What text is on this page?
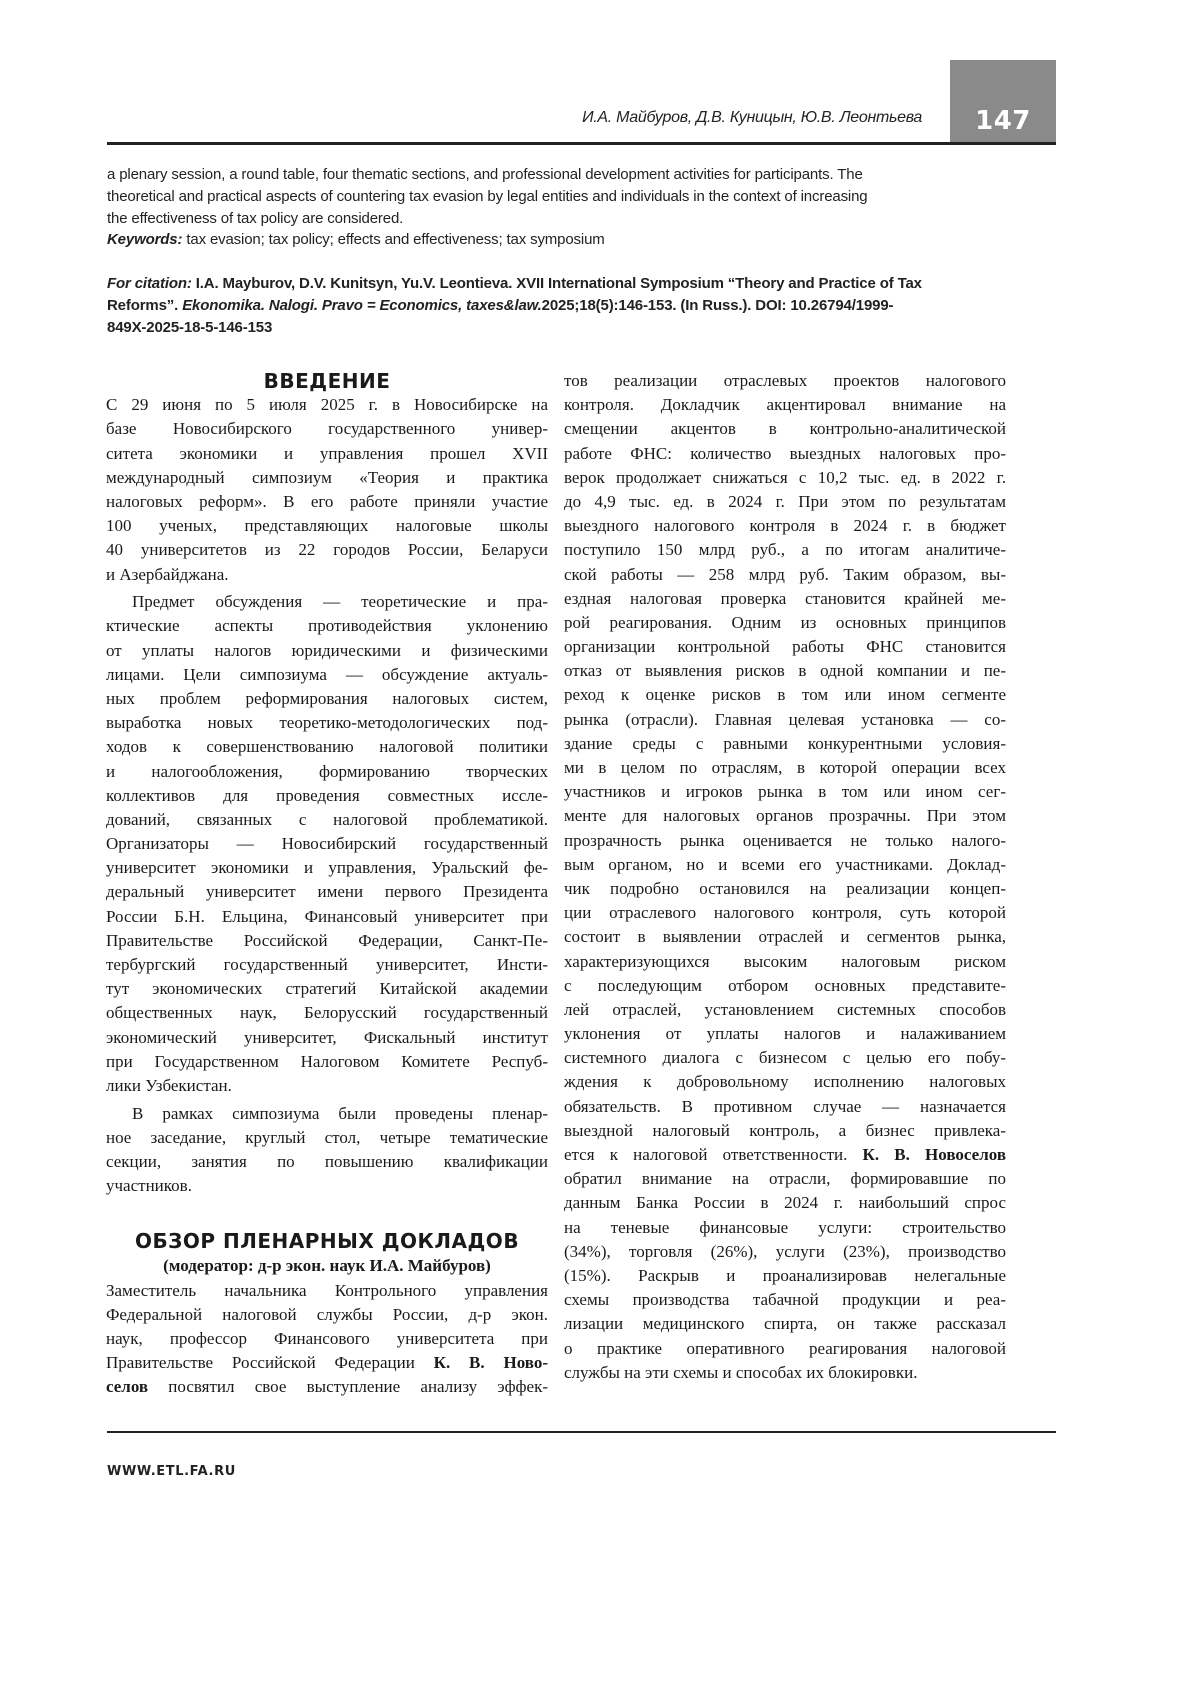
147
И.А. Майбуров, Д.В. Куницын, Ю.В. Леонтьева
a plenary session, a round table, four thematic sections, and professional development activities for participants. The
theoretical and practical aspects of countering tax evasion by legal entities and individuals in the context of increasing
the effectiveness of tax policy are considered.
Keywords: tax evasion; tax policy; effects and effectiveness; tax symposium
For citation: I.A. Mayburov, D.V. Kunitsyn, Yu.V. Leontieva. XVII International Symposium “Theory and Practice of Tax
Reforms”. Ekonomika. Nalogi. Pravo = Economics, taxes&law.2025;18(5):146-153. (In Russ.). DOI: 10.26794/1999-
849X-2025-18-5-146-153
ВВЕДЕНИЕ
С 29 июня по 5 июля 2025 г. в Новосибирске на
базе Новосибирского государственного универ-
ситета экономики и управления прошел XVII
международный симпозиум «Теория и практика
налоговых реформ». В его работе приняли участие
100 ученых, представляющих налоговые школы
40 университетов из 22 городов России, Беларуси
и Азербайджана.
Предмет обсуждения — теоретические и пра-
ктические аспекты противодействия уклонению
от уплаты налогов юридическими и физическими
лицами. Цели симпозиума — обсуждение актуаль-
ных проблем реформирования налоговых систем,
выработка новых теоретико-методологических под-
ходов к совершенствованию налоговой политики
и налогообложения, формированию творческих
коллективов для проведения совместных иссле-
дований, связанных с налоговой проблематикой.
Организаторы — Новосибирский государственный
университет экономики и управления, Уральский фе-
деральный университет имени первого Президента
России Б.Н. Ельцина, Финансовый университет при
Правительстве Российской Федерации, Санкт-Пе-
тербургский государственный университет, Инсти-
тут экономических стратегий Китайской академии
общественных наук, Белорусский государственный
экономический университет, Фискальный институт
при Государственном Налоговом Комитете Респуб-
лики Узбекистан.
В рамках симпозиума были проведены пленар-
ное заседание, круглый стол, четыре тематические
секции, занятия по повышению квалификации
участников.
ОБЗОР ПЛЕНАРНЫХ ДОКЛАДОВ
(модератор: д-р экон. наук И.А. Майбуров)
Заместитель начальника Контрольного управления
Федеральной налоговой службы России, д-р экон.
наук, профессор Финансового университета при
Правительстве Российской Федерации К. В. Ново-
селов посвятил свое выступление анализу эффек-
тов реализации отраслевых проектов налогового
контроля. Докладчик акцентировал внимание на
смещении акцентов в контрольно-аналитической
работе ФНС: количество выездных налоговых про-
верок продолжает снижаться с 10,2 тыс. ед. в 2022 г.
до 4,9 тыс. ед. в 2024 г. При этом по результатам
выездного налогового контроля в 2024 г. в бюджет
поступило 150 млрд руб., а по итогам аналитиче-
ской работы — 258 млрд руб. Таким образом, вы-
ездная налоговая проверка становится крайней ме-
рой реагирования. Одним из основных принципов
организации контрольной работы ФНС становится
отказ от выявления рисков в одной компании и пе-
реход к оценке рисков в том или ином сегменте
рынка (отрасли). Главная целевая установка — со-
здание среды с равными конкурентными условия-
ми в целом по отраслям, в которой операции всех
участников и игроков рынка в том или ином сег-
менте для налоговых органов прозрачны. При этом
прозрачность рынка оценивается не только налого-
вым органом, но и всеми его участниками. Доклад-
чик подробно остановился на реализации концеп-
ции отраслевого налогового контроля, суть которой
состоит в выявлении отраслей и сегментов рынка,
характеризующихся высоким налоговым риском
с последующим отбором основных представите-
лей отраслей, установлением системных способов
уклонения от уплаты налогов и налаживанием
системного диалога с бизнесом с целью его побу-
ждения к добровольному исполнению налоговых
обязательств. В противном случае — назначается
выездной налоговый контроль, а бизнес привлека-
ется к налоговой ответственности. К. В. Новоселов
обратил внимание на отрасли, формировавшие по
данным Банка России в 2024 г. наибольший спрос
на теневые финансовые услуги: строительство
(34%), торговля (26%), услуги (23%), производство
(15%). Раскрыв и проанализировав нелегальные
схемы производства табачной продукции и реа-
лизации медицинского спирта, он также рассказал
о практике оперативного реагирования налоговой
службы на эти схемы и способах их блокировки.
WWW.ETL.FA.RU
